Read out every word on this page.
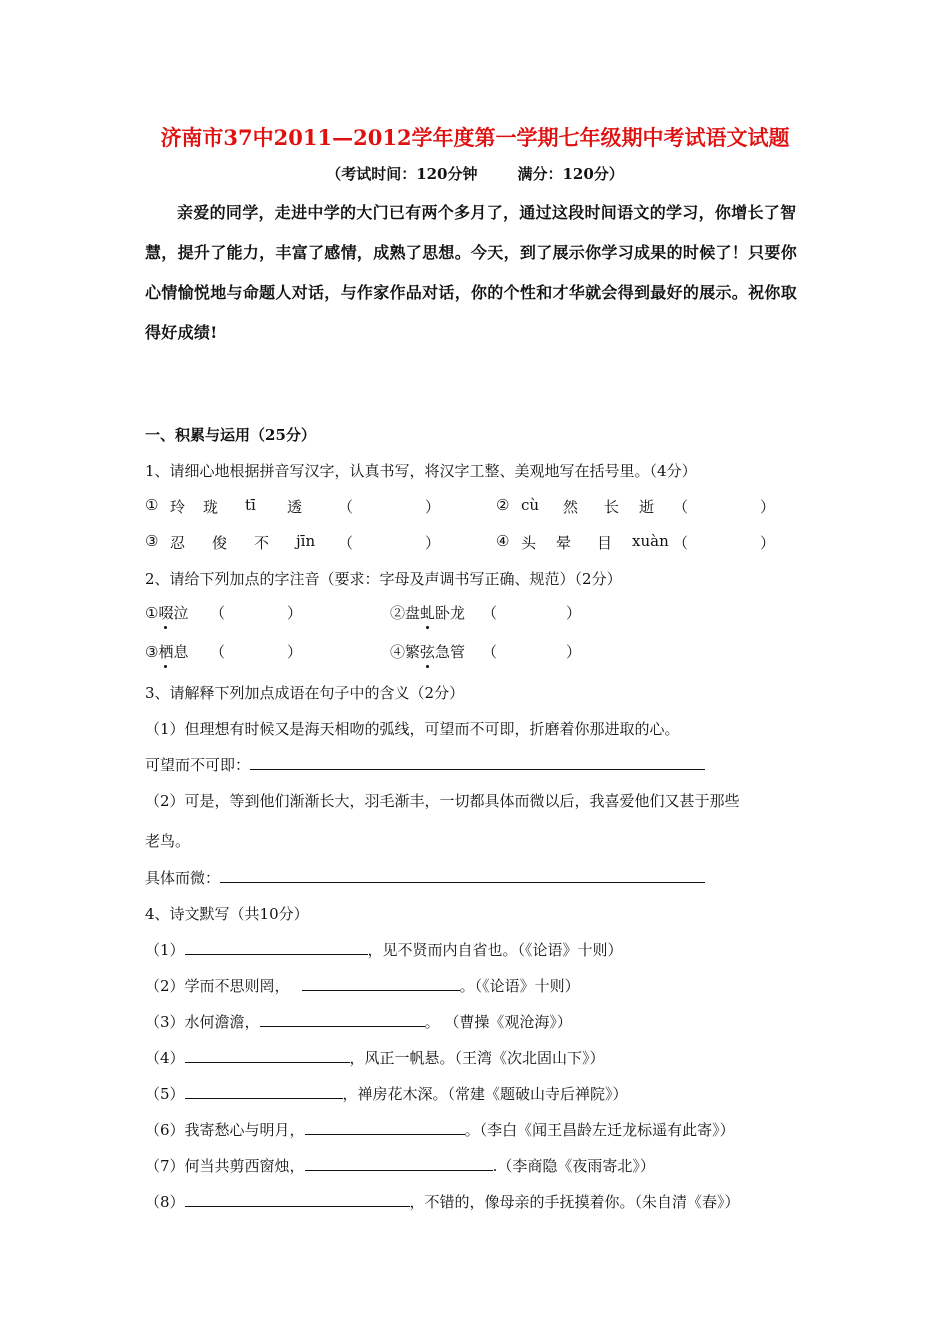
济南市37中2011—2012学年度第一学期七年级期中考试语文试题
（考试时间：120分钟	满分：120分）
亲爱的同学，走进中学的大门已有两个多月了，通过这段时间语文的学习，你增长了智慧，提升了能力，丰富了感情，成熟了思想。今天，到了展示你学习成果的时候了！只要你心情愉悦地与命题人对话，与作家作品对话，你的个性和才华就会得到最好的展示。祝你取得好成绩!
一、积累与运用（25分）
1、请细心地根据拼音写汉字，认真书写，将汉字工整、美观地写在括号里。（4分）
① 玲 珑 tī 透 （	）	② cù 然 长 逝 （	）
③ 忍 俊 不 jīn （	）	④ 头 晕 目 xuàn （	）
2、请给下列加点的字注音（要求：字母及声调书写正确、规范）（2分）
①啜泣 （	）	②盘虬卧龙 （	）
③栖息 （	）	④繁弦急管 （	）
3、请解释下列加点成语在句子中的含义（2分）
（1）但理想有时候又是海天相吻的弧线，可望而不可即，折磨着你那进取的心。
可望而不可即：
（2）可是，等到他们渐渐长大，羽毛渐丰，一切都具体而微以后，我喜爱他们又甚于那些
老鸟。
具体而微：
4、诗文默写（共10分）
（1）	，见不贤而内自省也。（《论语》十则）
（2）学而不思则罔，	。（《论语》十则）
（3）水何澹澹，	。 （曹操《观沧海》）
（4）	，风正一帆悬。（王湾《次北固山下》）
（5）	，禅房花木深。（常建《题破山寺后禅院》）
（6）我寄愁心与明月，	。（李白《闻王昌龄左迁龙标遥有此寄》）
（7）何当共剪西窗烛，	.（李商隐《夜雨寄北》）
（8）	，不错的，像母亲的手抚摸着你。（朱自清《春》）
